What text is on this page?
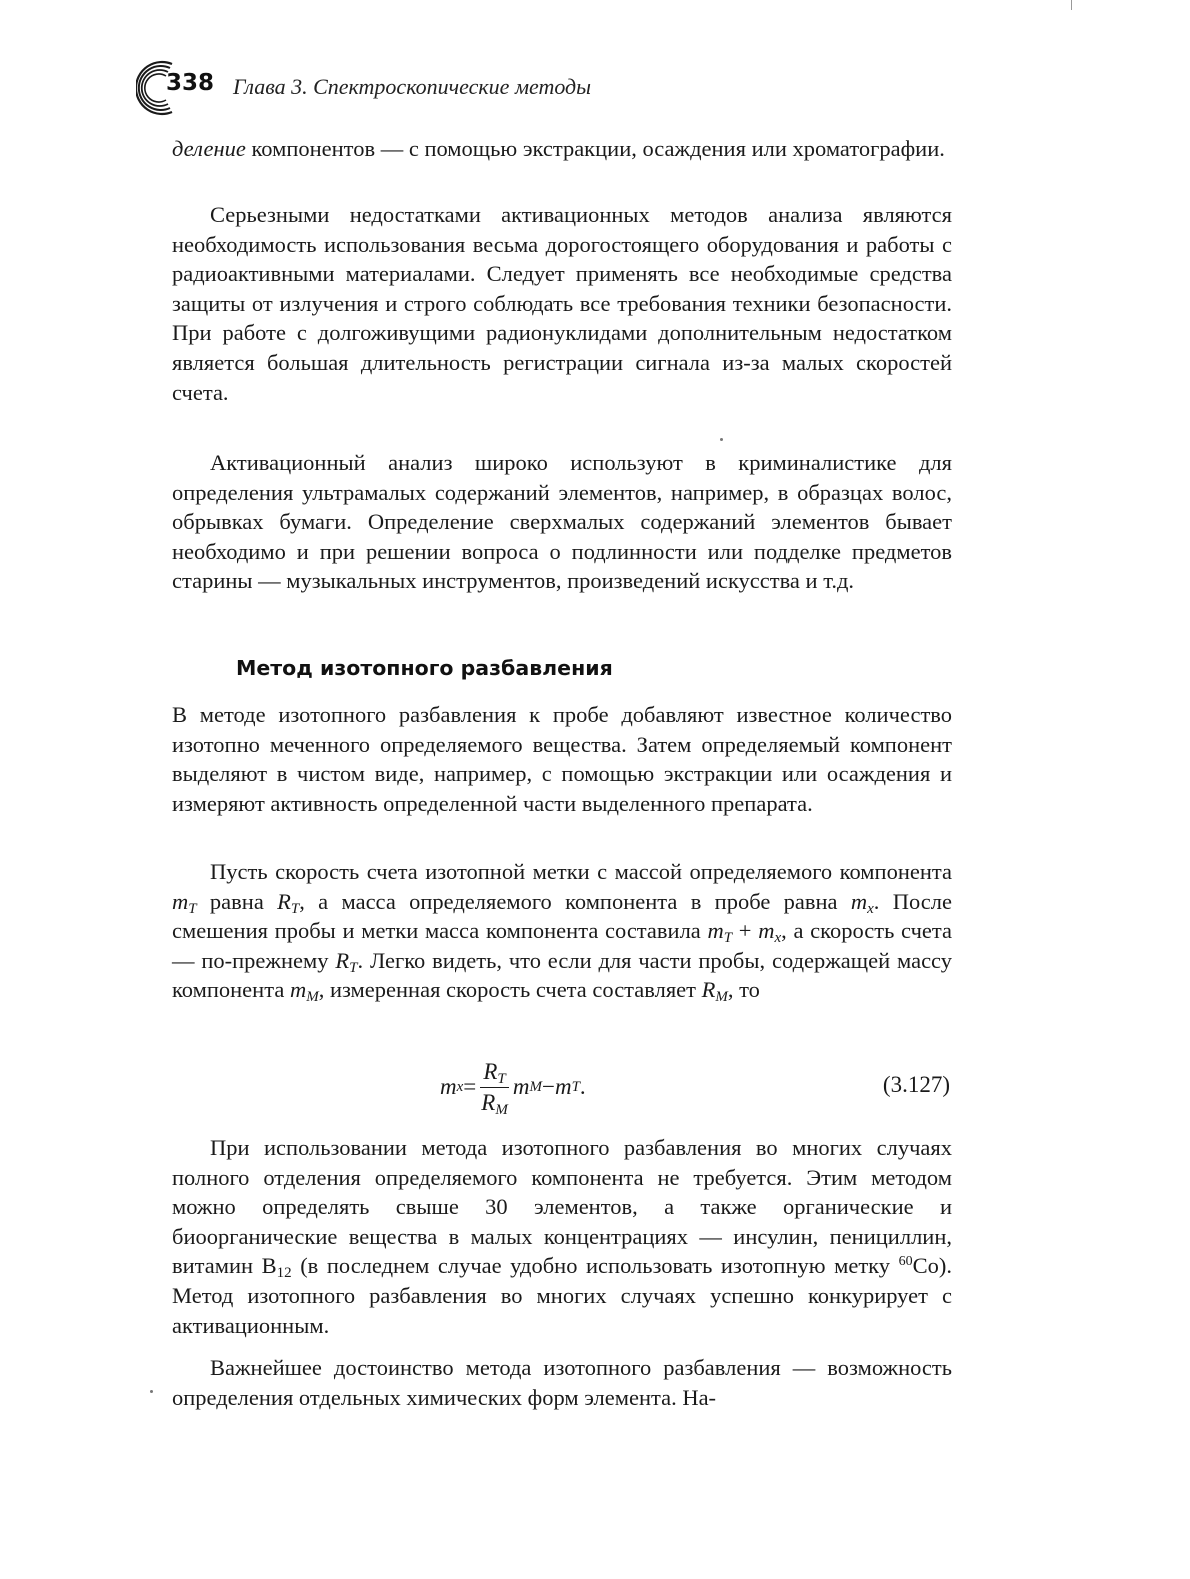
338 Глава 3. Спектроскопические методы

деление компонентов — с помощью экстракции, осаждения или хроматографии.

Серьезными недостатками активационных методов анализа являются необходимость использования весьма дорогостоящего оборудования и работы с радиоактивными материалами. Следует применять все необходимые средства защиты от излучения и строго соблюдать все требования техники безопасности. При работе с долгоживущими радионуклидами дополнительным недостатком является большая длительность регистрации сигнала из-за малых скоростей счета.

Активационный анализ широко используют в криминалистике для определения ультрамалых содержаний элементов, например, в образцах волос, обрывках бумаги. Определение сверхмалых содержаний элементов бывает необходимо и при решении вопроса о подлинности или подделке предметов старины — музыкальных инструментов, произведений искусства и т.д.

Метод изотопного разбавления

В методе изотопного разбавления к пробе добавляют известное количество изотопно меченного определяемого вещества. Затем определяемый компонент выделяют в чистом виде, например, с помощью экстракции или осаждения и измеряют активность определенной части выделенного препарата.

Пусть скорость счета изотопной метки с массой определяемого компонента $m_T$ равна $R_T$, а масса определяемого компонента в пробе равна $m_x$. После смешения пробы и метки масса компонента составила $m_T + m_x$, а скорость счета — по-прежнему $R_T$. Легко видеть, что если для части пробы, содержащей массу компонента $m_M$, измеренная скорость счета составляет $R_M$, то

m $x = \frac{R_T}{R_M}$ m M − m T .	(3.127)

При использовании метода изотопного разбавления во многих случаях полного отделения определяемого компонента не требуется. Этим методом можно определять свыше 30 элементов, а также органические и биоорганические вещества в малых концентрациях — инсулин, пенициллин, витамин $B_{12}$ (в последнем случае удобно использовать изотопную метку $^{60}$Co). Метод изотопного разбавления во многих случаях успешно конкурирует с активационным.

Важнейшее достоинство метода изотопного разбавления — возможность определения отдельных химических форм элемента. На-
